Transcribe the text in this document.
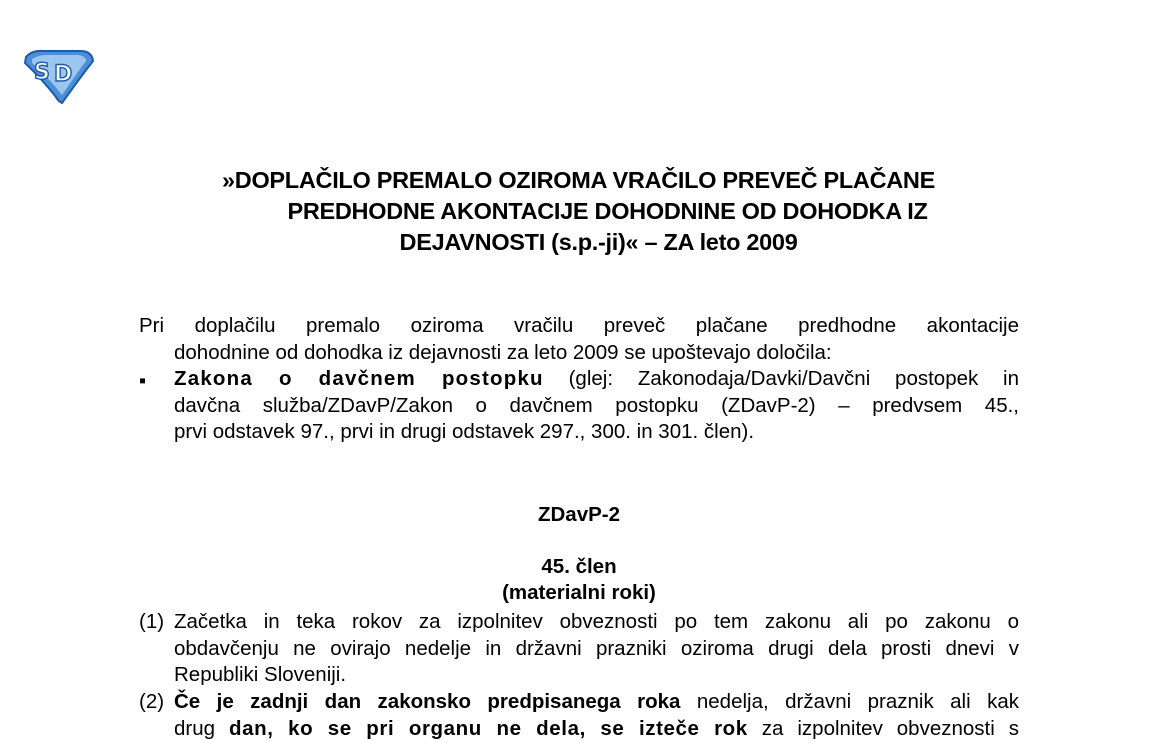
S D
»DOPLAČILO PREMALO OZIROMA VRAČILO PREVEČ PLAČANE
PREDHODNE AKONTACIJE DOHODNINE OD DOHODKA IZ
DEJAVNOSTI (s.p.-ji)« – ZA leto 2009
Pri doplačilu premalo oziroma vračilu preveč plačane predhodne akontacije
dohodnine od dohodka iz dejavnosti za leto 2009 se upoštevajo določila:
▪	Zakona o davčnem postopku (glej: Zakonodaja/Davki/Davčni postopek in
davčna služba/ZDavP/Zakon o davčnem postopku (ZDavP-2) – predvsem 45.,
prvi odstavek 97., prvi in drugi odstavek 297., 300. in 301. člen).
ZDavP-2
45. člen
(materialni roki)
(1) Začetka in teka rokov za izpolnitev obveznosti po tem zakonu ali po zakonu o
obdavčenju ne ovirajo nedelje in državni prazniki oziroma drugi dela prosti dnevi v
Republiki Sloveniji.
(2) Če je zadnji dan zakonsko predpisanega roka nedelja, državni praznik ali kak
drug dan, ko se pri organu ne dela, se izteče rok za izpolnitev obveznosti s
